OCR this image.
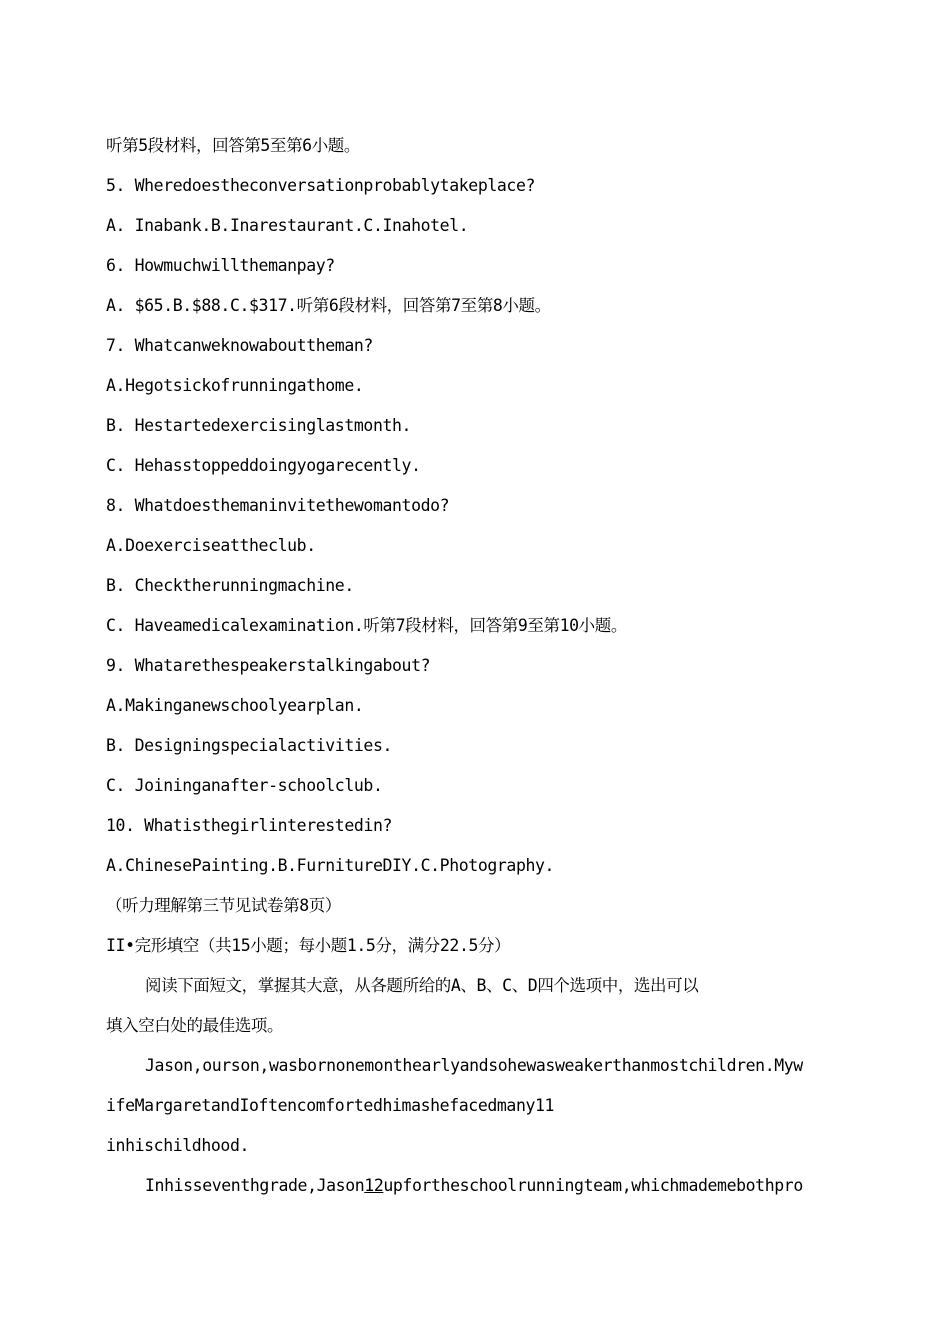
听第5段材料，回答第5至第6小题。
5. Wheredoestheconversationprobablytakeplace?
A. Inabank.B.Inarestaurant.C.Inahotel.
6. Howmuchwillthemanpay?
A. $65.B.$88.C.$317.听第6段材料，回答第7至第8小题。
7. Whatcanweknowabouttheman?
A.Hegotsickofrunningathome.
B. Hestartedexercisinglastmonth.
C. Hehasstoppeddoingyogarecently.
8. Whatdoesthemaninvitethewomantodo?
A.Doexerciseattheclub.
B. Checktherunningmachine.
C. Haveamedicalexamination.听第7段材料，回答第9至第10小题。
9. Whatarethespeakerstalkingabout?
A.Makinganewschoolyearplan.
B. Designingspecialactivities.
C. Joininganafter-schoolclub.
10. Whatisthegirlinterestedin?
A.ChinesePainting.B.FurnitureDIY.C.Photography.
（听力理解第三节见试卷第8页）
II•完形填空（共15小题；每小题1.5分，满分22.5分）
阅读下面短文，掌握其大意，从各题所给的A、B、C、D四个选项中，选出可以
填入空白处的最佳选项。
Jason,ourson,wasbornonemonthearlyandsohewasweakerthanmostchildren.Myw
ifeMargaretandIoftencomfortedhimashefacedmany11
inhischildhood.
Inhisseventhgrade,Jason12upfortheschoolrunningteam,whichmademebothpro
